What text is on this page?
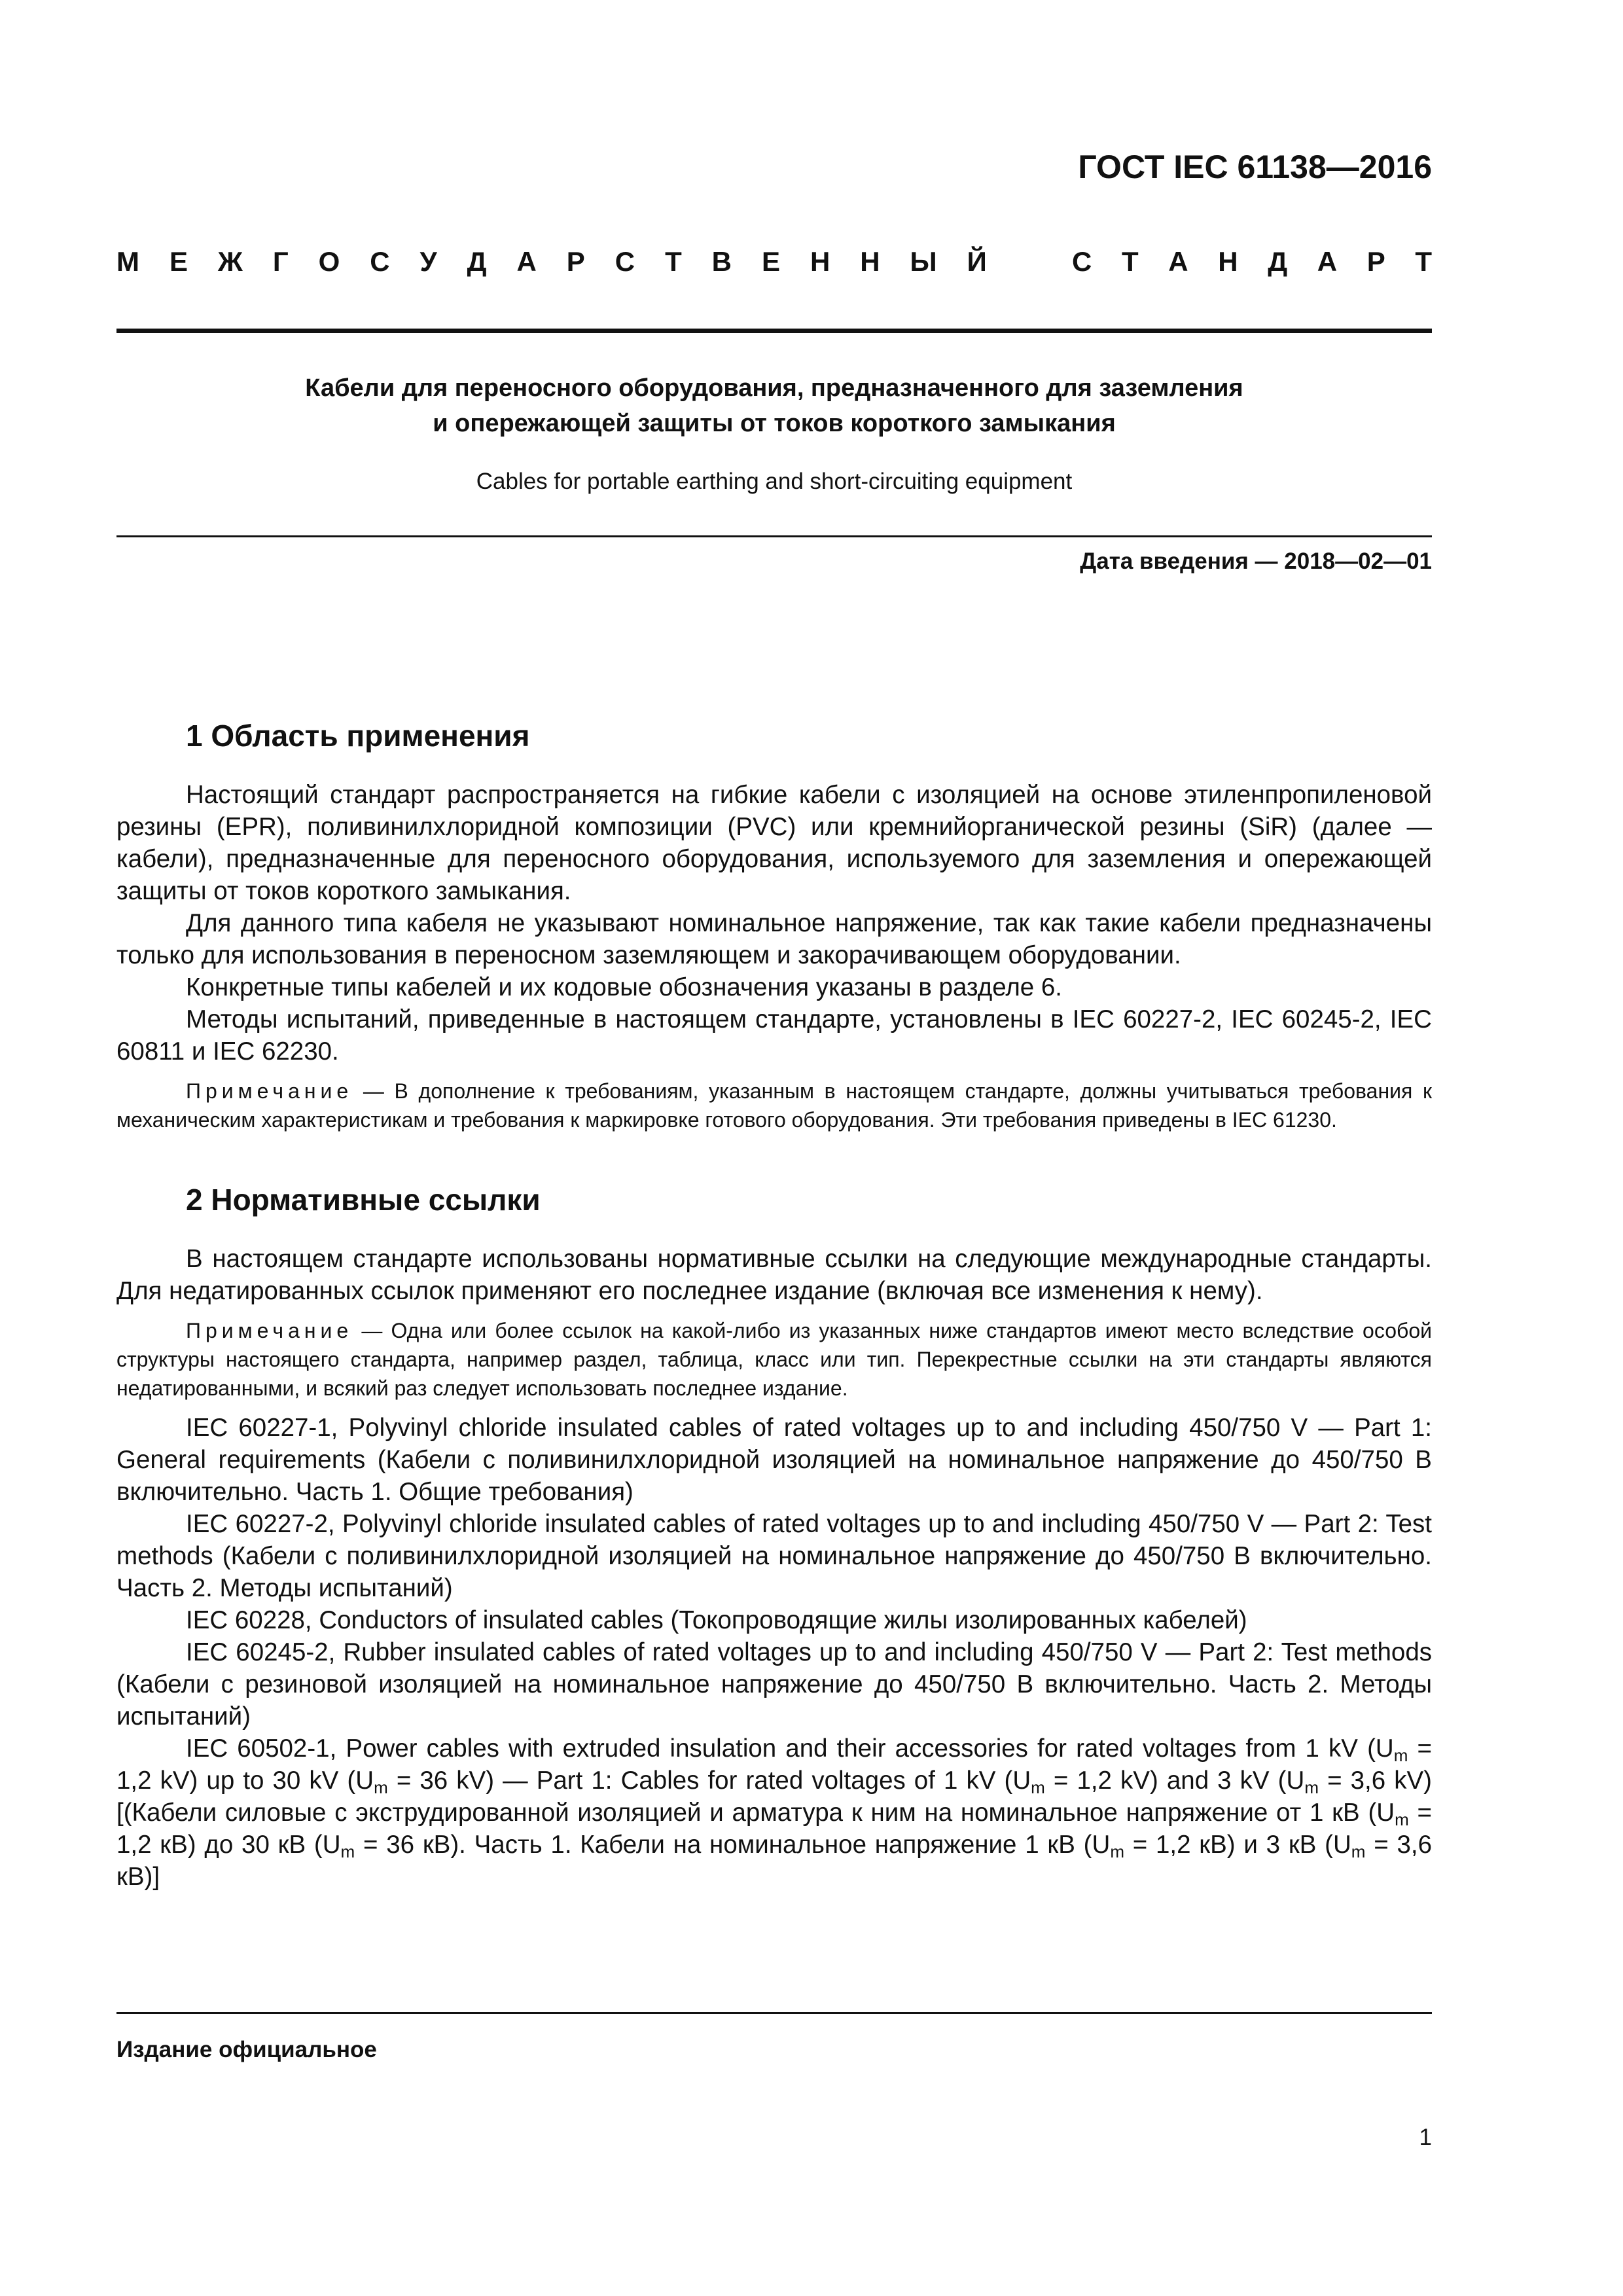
ГОСТ IEC 61138—2016
М Е Ж Г О С У Д А Р С Т В Е Н Н Ы Й	С Т А Н Д А Р Т
Кабели для переносного оборудования, предназначенного для заземления
и опережающей защиты от токов короткого замыкания
Cables for portable earthing and short-circuiting equipment
Дата введения — 2018—02—01
1 Область применения

Настоящий стандарт распространяется на гибкие кабели с изоляцией на основе этиленпропиленовой резины (EPR), поливинилхлоридной композиции (PVC) или кремнийорганической резины (SiR) (далее — кабели), предназначенные для переносного оборудования, используемого для заземления и опережающей защиты от токов короткого замыкания.

Для данного типа кабеля не указывают номинальное напряжение, так как такие кабели предназначены только для использования в переносном заземляющем и закорачивающем оборудовании.

Конкретные типы кабелей и их кодовые обозначения указаны в разделе 6.

Методы испытаний, приведенные в настоящем стандарте, установлены в IEC 60227-2, IEC 60245-2, IEC 60811 и IEC 62230.

Примечание — В дополнение к требованиям, указанным в настоящем стандарте, должны учитываться требования к механическим характеристикам и требования к маркировке готового оборудования. Эти требования приведены в IEC 61230.
2 Нормативные ссылки

В настоящем стандарте использованы нормативные ссылки на следующие международные стандарты. Для недатированных ссылок применяют его последнее издание (включая все изменения к нему).

Примечание — Одна или более ссылок на какой-либо из указанных ниже стандартов имеют место вследствие особой структуры настоящего стандарта, например раздел, таблица, класс или тип. Перекрестные ссылки на эти стандарты являются недатированными, и всякий раз следует использовать последнее издание.

IEC 60227-1, Polyvinyl chloride insulated cables of rated voltages up to and including 450/750 V — Part 1: General requirements (Кабели с поливинилхлоридной изоляцией на номинальное напряжение до 450/750 В включительно. Часть 1. Общие требования)

IEC 60227-2, Polyvinyl chloride insulated cables of rated voltages up to and including 450/750 V — Part 2: Test methods (Кабели с поливинилхлоридной изоляцией на номинальное напряжение до 450/750 В включительно. Часть 2. Методы испытаний)

IEC 60228, Conductors of insulated cables (Токопроводящие жилы изолированных кабелей)

IEC 60245-2, Rubber insulated cables of rated voltages up to and including 450/750 V — Part 2: Test methods (Кабели с резиновой изоляцией на номинальное напряжение до 450/750 В включительно. Часть 2. Методы испытаний)

IEC 60502-1, Power cables with extruded insulation and their accessories for rated voltages from 1 kV ($U_m = 1,2$ kV) up to 30 kV ($U_m = 36$ kV) — Part 1: Cables for rated voltages of 1 kV ($U_m = 1,2$ kV) and 3 kV ($U_m = 3,6$ kV) [(Кабели силовые с экструдированной изоляцией и арматура к ним на номинальное напряжение от 1 кВ ($U_m = 1,2$ кВ) до 30 кВ ($U_m = 36$ кВ). Часть 1. Кабели на номинальное напряжение 1 кВ ($U_m = 1,2$ кВ) и 3 кВ ($U_m = 3,6$ кВ)]

Издание официальное
1
